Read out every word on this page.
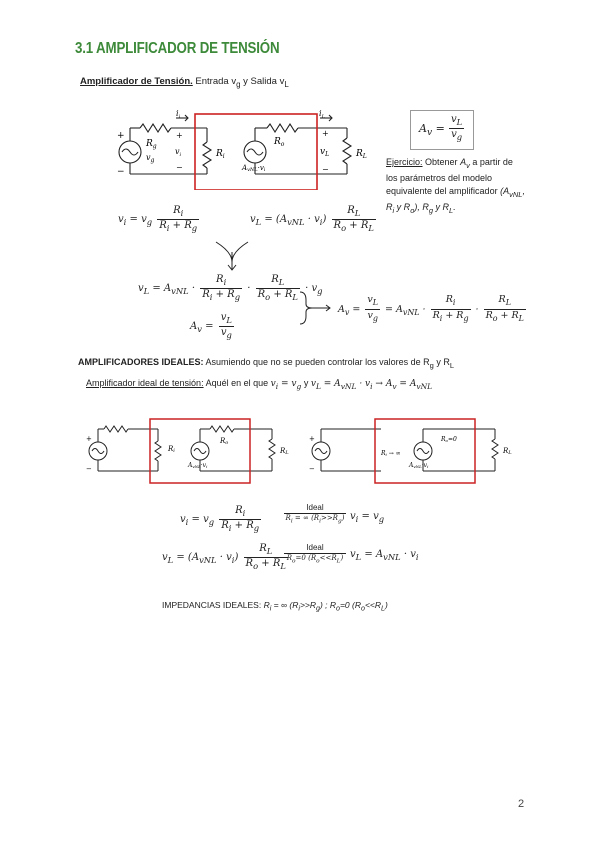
3.1 AMPLIFICADOR DE TENSIÓN
Amplificador de Tensión. Entrada $v_g$ y Salida $v_L$
+
−
$R_g$
$v_g$
$i_i$
+
$v_i$
−
$R_i$
$R_o$
AvNL·vi
$i_L$
+
$v_L$
−
$R_L$
$A_v = \frac{v_L}{v_g}$
Ejercicio: Obtener $A_v$ a partir de los parámetros del modelo equivalente del amplificador ($A_{vNL}$, $R_i$ y $R_o$), $R_g$ y $R_L$.
$v_i = v_g \frac{R_i}{R_i + R_g}$	$v_L = (A_{vNL} \cdot v_i) \frac{R_L}{R_o + R_L}$
$v_L = A_{vNL} \cdot \frac{R_i}{R_i + R_g} \cdot \frac{R_L}{R_o + R_L} \cdot v_g$
$A_v = \frac{v_L}{v_g}$
$A_v = \frac{v_L}{v_g} = A_{vNL} \cdot \frac{R_i}{R_i + R_g} \cdot \frac{R_L}{R_o + R_L}$
AMPLIFICADORES IDEALES: Asumiendo que no se pueden controlar los valores de $R_g$ y $R_L$
Amplificador ideal de tensión: Aquél en el que $v_i = v_g$ y $v_L = A_{vNL} \cdot v_i \to A_v = A_{vNL}$
Ri
Ro
RL
AvNL·vi
+
−
Ri → ∞
Ro=0
RL
AvNL·vi
+
−
$v_i = v_g \frac{R_i}{R_i + R_g}$	Ideal
$R_i$ = ∞ $(R_i>>R_g) v_i = v_g$
$v_L = (A_{vNL} \cdot v_i) \frac{R_L}{R_o + R_L}$	Ideal
$R_o=0$ $(R_o<<R_L) v_L = A_{vNL} \cdot v_i$
IMPEDANCIAS IDEALES: $R_i$ = ∞ $(R_i>>R_g)$ ; $R_o=0$ $(R_o<<R_L)$
2
